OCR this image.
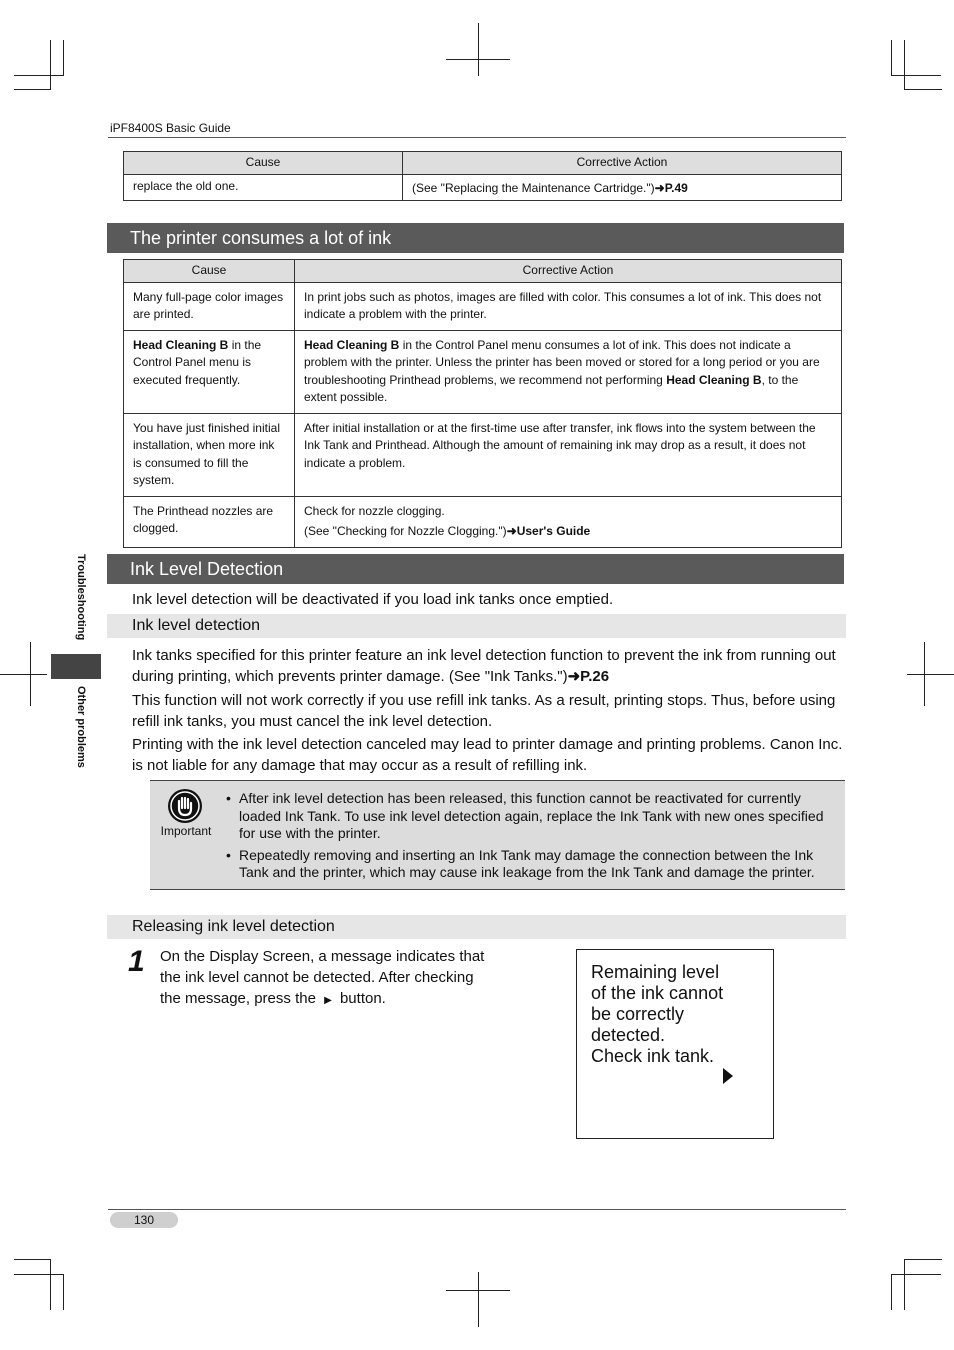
iPF8400S Basic Guide
Cause	Corrective Action
replace the old one.	(See "Replacing the Maintenance Cartridge.")➜P.49
The printer consumes a lot of ink
Cause	Corrective Action
Many full-page color images are printed.	In print jobs such as photos, images are filled with color. This consumes a lot of ink. This does not indicate a problem with the printer.
Head Cleaning B in the Control Panel menu is executed frequently.	Head Cleaning B in the Control Panel menu consumes a lot of ink. This does not indicate a problem with the printer. Unless the printer has been moved or stored for a long period or you are troubleshooting Printhead problems, we recommend not performing Head Cleaning B, to the extent possible.
You have just finished initial installation, when more ink is consumed to fill the system.	After initial installation or at the first-time use after transfer, ink flows into the system between the Ink Tank and Printhead. Although the amount of remaining ink may drop as a result, it does not indicate a problem.
The Printhead nozzles are clogged.	Check for nozzle clogging.
(See "Checking for Nozzle Clogging.")➜User's Guide
Ink Level Detection
Ink level detection will be deactivated if you load ink tanks once emptied.
Ink level detection
Ink tanks specified for this printer feature an ink level detection function to prevent the ink from running out during printing, which prevents printer damage. (See "Ink Tanks.")➜P.26
This function will not work correctly if you use refill ink tanks. As a result, printing stops. Thus, before using refill ink tanks, you must cancel the ink level detection.
Printing with the ink level detection canceled may lead to printer damage and printing problems. Canon Inc. is not liable for any damage that may occur as a result of refilling ink.
Important
• After ink level detection has been released, this function cannot be reactivated for currently loaded Ink Tank. To use ink level detection again, replace the Ink Tank with new ones specified for use with the printer.
• Repeatedly removing and inserting an Ink Tank may damage the connection between the Ink Tank and the printer, which may cause ink leakage from the Ink Tank and damage the printer.
Releasing ink level detection
1 On the Display Screen, a message indicates that the ink level cannot be detected. After checking the message, press the ▶ button.
Remaining level
of the ink cannot
be correctly
detected.
Check ink tank.
Troubleshooting
Other problems
130
